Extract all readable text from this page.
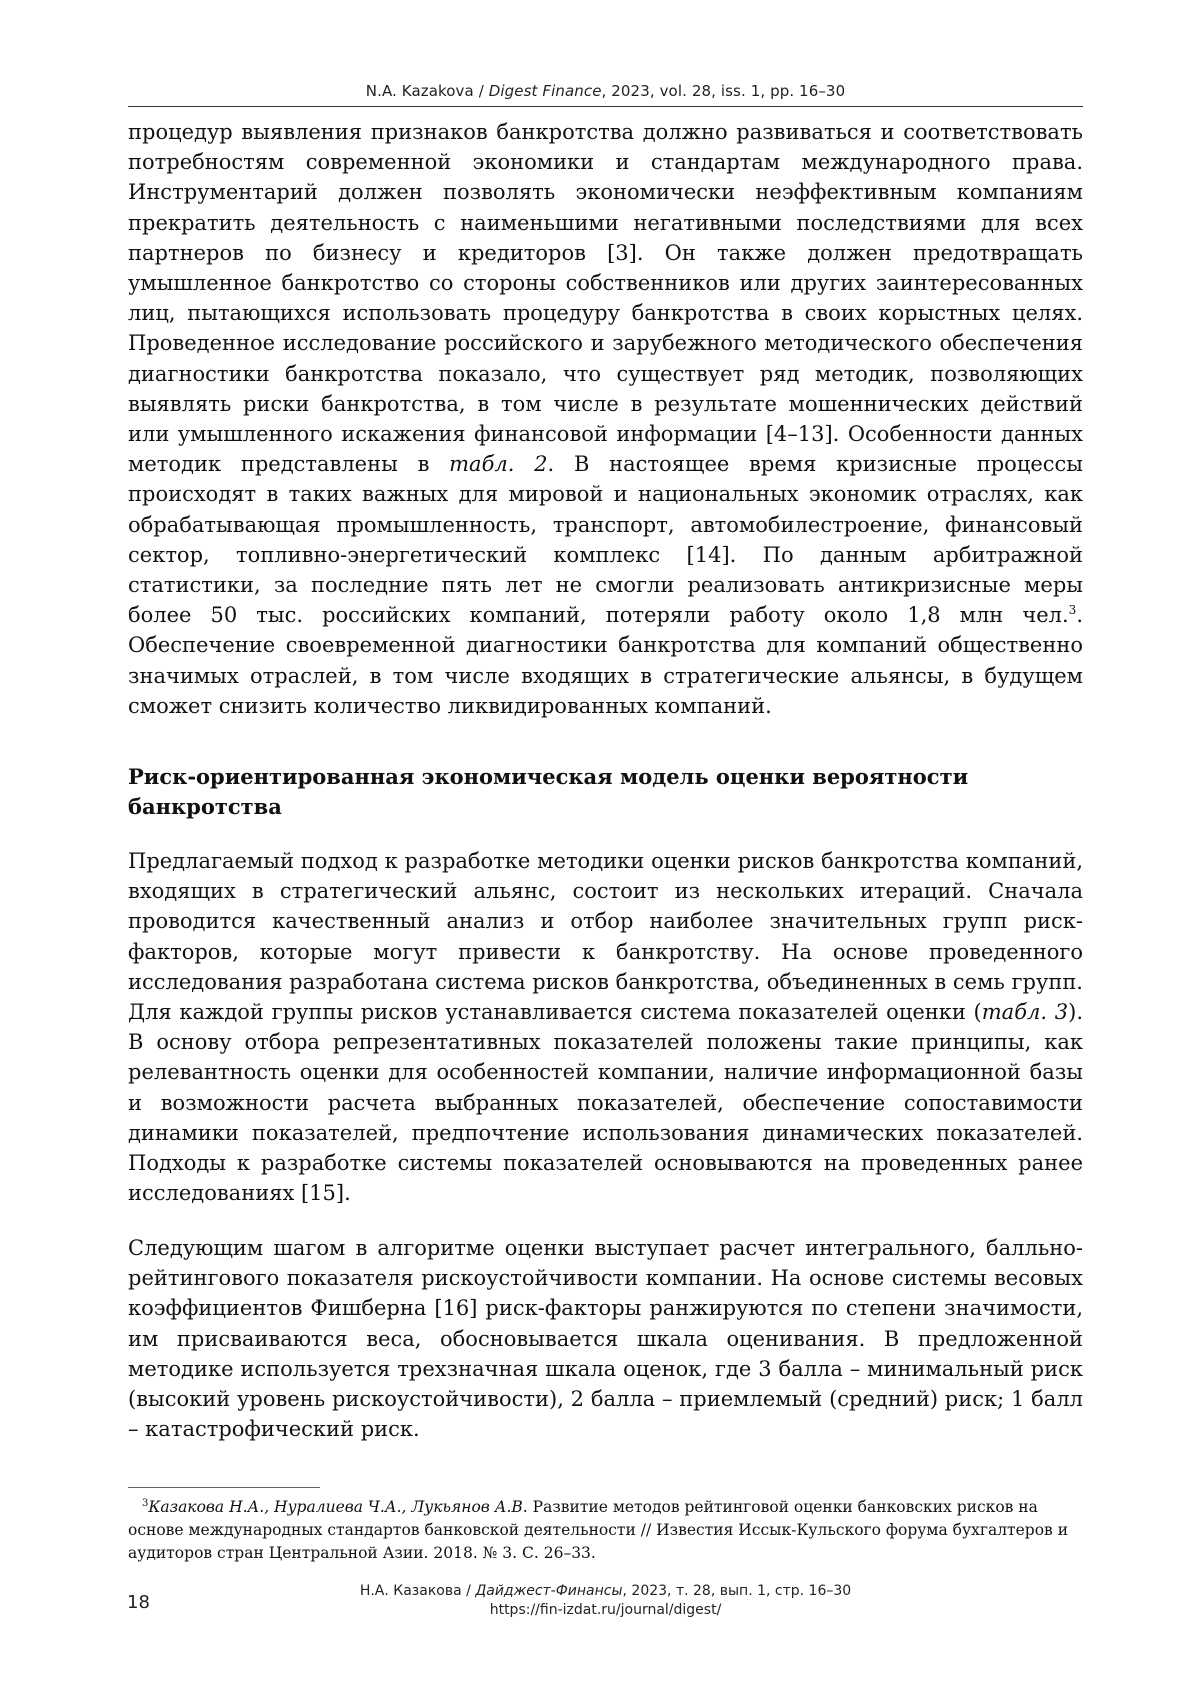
N.A. Kazakova / Digest Finance, 2023, vol. 28, iss. 1, pp. 16–30

процедур выявления признаков банкротства должно развиваться и соответствовать потребностям современной экономики и стандартам международного права. Инструментарий должен позволять экономически неэффективным компаниям прекратить деятельность с наименьшими негативными последствиями для всех партнеров по бизнесу и кредиторов [3]. Он также должен предотвращать умышленное банкротство со стороны собственников или других заинтересованных лиц, пытающихся использовать процедуру банкротства в своих корыстных целях. Проведенное исследование российского и зарубежного методического обеспечения диагностики банкротства показало, что существует ряд методик, позволяющих выявлять риски банкротства, в том числе в результате мошеннических действий или умышленного искажения финансовой информации [4–13]. Особенности данных методик представлены в табл. 2. В настоящее время кризисные процессы происходят в таких важных для мировой и национальных экономик отраслях, как обрабатывающая промышленность, транспорт, автомобилестроение, финансовый сектор, топливно-энергетический комплекс [14]. По данным арбитражной статистики, за последние пять лет не смогли реализовать антикризисные меры более 50 тыс. российских компаний, потеряли работу около 1,8 млн чел.$^3$. Обеспечение своевременной диагностики банкротства для компаний общественно значимых отраслей, в том числе входящих в стратегические альянсы, в будущем сможет снизить количество ликвидированных компаний.

Риск-ориентированная экономическая модель оценки вероятности банкротства

Предлагаемый подход к разработке методики оценки рисков банкротства компаний, входящих в стратегический альянс, состоит из нескольких итераций. Сначала проводится качественный анализ и отбор наиболее значительных групп риск-факторов, которые могут привести к банкротству. На основе проведенного исследования разработана система рисков банкротства, объединенных в семь групп. Для каждой группы рисков устанавливается система показателей оценки (табл. 3). В основу отбора репрезентативных показателей положены такие принципы, как релевантность оценки для особенностей компании, наличие информационной базы и возможности расчета выбранных показателей, обеспечение сопоставимости динамики показателей, предпочтение использования динамических показателей. Подходы к разработке системы показателей основываются на проведенных ранее исследованиях [15].

Следующим шагом в алгоритме оценки выступает расчет интегрального, балльно-рейтингового показателя рискоустойчивости компании. На основе системы весовых коэффициентов Фишберна [16] риск-факторы ранжируются по степени значимости, им присваиваются веса, обосновывается шкала оценивания. В предложенной методике используется трехзначная шкала оценок, где 3 балла – минимальный риск (высокий уровень рискоустойчивости), 2 балла – приемлемый (средний) риск; 1 балл – катастрофический риск.

$^3$Казакова Н.А., Нуралиева Ч.А., Лукьянов А.В. Развитие методов рейтинговой оценки банковских рисков на основе международных стандартов банковской деятельности // Известия Иссык-Кульского форума бухгалтеров и аудиторов стран Центральной Азии. 2018. № 3. С. 26–33.
18
Н.А. Казакова / Дайджест-Финансы, 2023, т. 28, вып. 1, стр. 16–30
https://fin-izdat.ru/journal/digest/
